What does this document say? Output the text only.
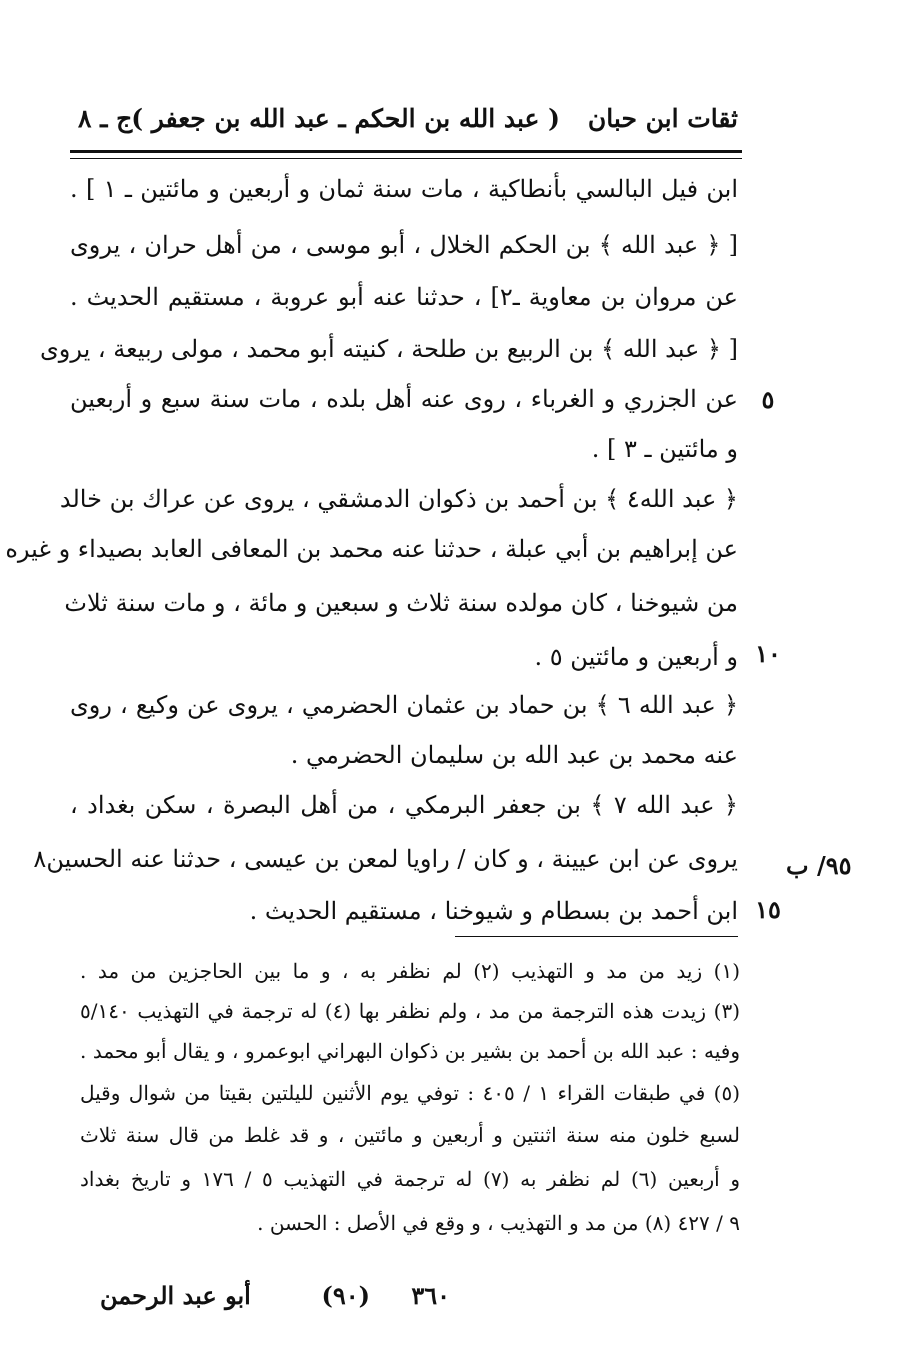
ثقات ابن حبان
( عبد الله بن الحكم ـ عبد الله بن جعفر )
ج ـ ٨
ابن فيل البالسي بأنطاكية ، مات سنة ثمان و أربعين و مائتين ـ ١ ] .
[ ﴿ عبد الله ﴾ بن الحكم الخلال ، أبو موسى ، من أهل حران ، يروى
عن مروان بن معاوية ـ٢] ، حدثنا عنه أبو عروبة ، مستقيم الحديث .
[ ﴿ عبد الله ﴾ بن الربيع بن طلحة ، كنيته أبو محمد ، مولى ربيعة ، يروى
عن الجزري و الغرباء ، روى عنه أهل بلده ، مات سنة سبع و أربعين
و مائتين ـ ٣ ] .
﴿ عبد الله٤ ﴾ بن أحمد بن ذكوان الدمشقي ، يروى عن عراك بن خالد
عن إبراهيم بن أبي عبلة ، حدثنا عنه محمد بن المعافى العابد بصيداء و غيره
من شيوخنا ، كان مولده سنة ثلاث و سبعين و مائة ، و مات سنة ثلاث
و أربعين و مائتين ٥ .
﴿ عبد الله ٦ ﴾ بن حماد بن عثمان الحضرمي ، يروى عن وكيع ، روى
عنه محمد بن عبد الله بن سليمان الحضرمي .
﴿ عبد الله ٧ ﴾ بن جعفر البرمكي ، من أهل البصرة ، سكن بغداد ،
يروى عن ابن عيينة ، و كان / راويا لمعن بن عيسى ، حدثنا عنه الحسين٨
ابن أحمد بن بسطام و شيوخنا ، مستقيم الحديث .
٥
١٠
١٥
٩٥/ ب
(١) زيد من مد و التهذيب (٢) لم نظفر به ، و ما بين الحاجزين من مد .
(٣) زيدت هذه الترجمة من مد ، ولم نظفر بها (٤) له ترجمة في التهذيب ٥/١٤٠
وفيه : عبد الله بن أحمد بن بشير بن ذكوان البهراني ابوعمرو ، و يقال أبو محمد .
(٥) في طبقات القراء ١ / ٤٠٥ : توفي يوم الأثنين لليلتين بقيتا من شوال وقيل
لسبع خلون منه سنة اثنتين و أربعين و مائتين ، و قد غلط من قال سنة ثلاث
و أربعين (٦) لم نظفر به (٧) له ترجمة في التهذيب ٥ / ١٧٦ و تاريخ بغداد
٩ / ٤٢٧ (٨) من مد و التهذيب ، و وقع في الأصل : الحسن .
٣٦٠
(٩٠)
أبو عبد الرحمن
